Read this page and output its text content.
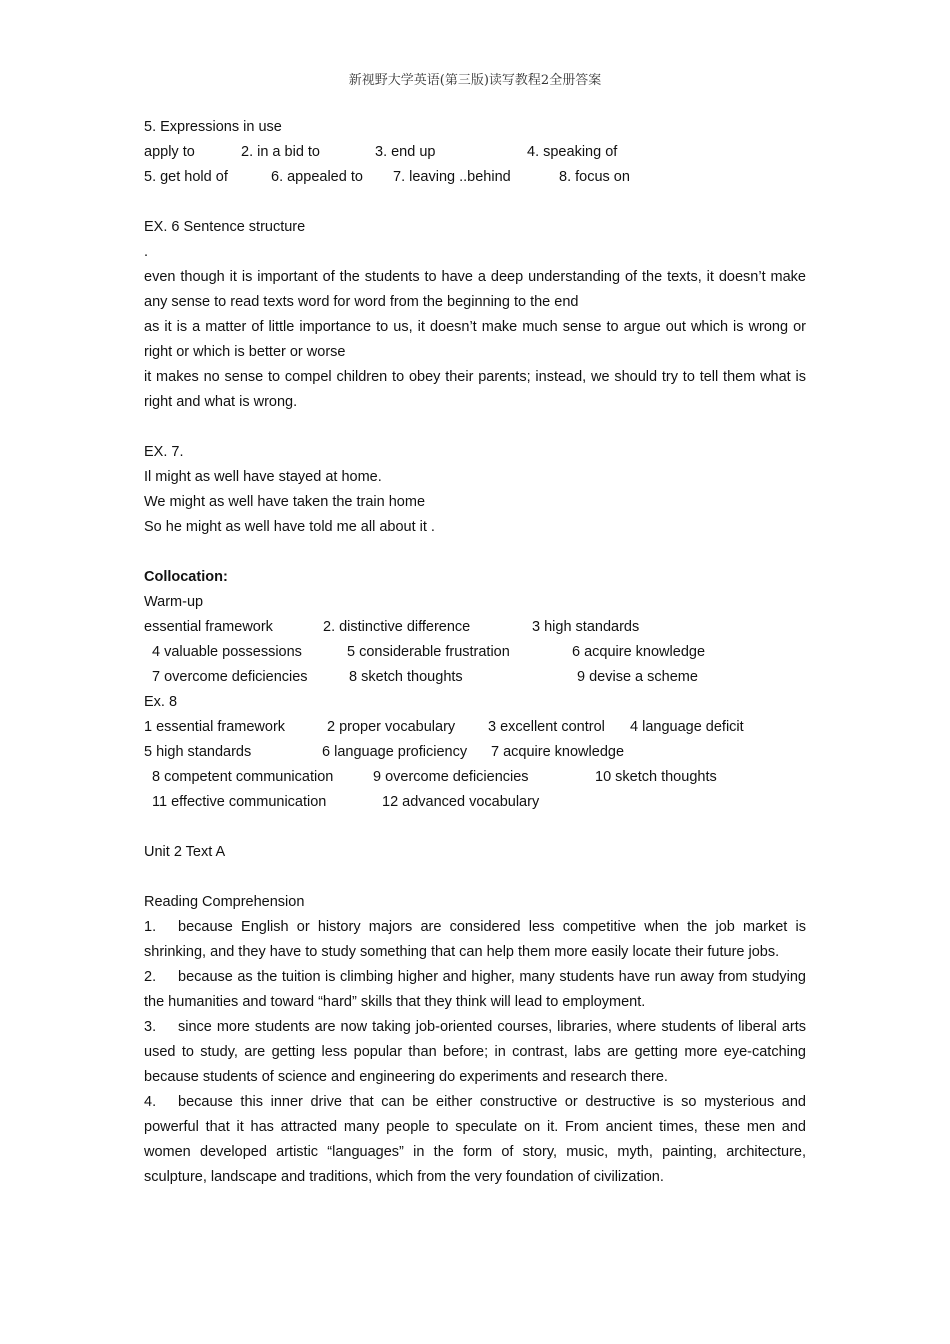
新视野大学英语(第三版)读写教程2全册答案
5. Expressions in use
apply to	2. in a bid to	3. end up	4. speaking of
5. get hold of	6. appealed to 7. leaving ..behind	8. focus on
EX. 6 Sentence structure
.
even though it is important of the students to have a deep understanding of the texts, it doesn’t make any sense to read texts word for word from the beginning to the end
as it is a matter of little importance to us, it doesn’t make much sense to argue out which is wrong or right or which is better or worse
it makes no sense to compel children to obey their parents; instead, we should try to tell them what is right and what is wrong.
EX. 7.
Il might as well have stayed at home.
We might as well have taken the train home
So he might as well have told me all about it .
Collocation:
Warm-up
essential framework	2. distinctive difference	3 high standards
4 valuable possessions	5 considerable frustration	6 acquire knowledge
7 overcome deficiencies	8 sketch thoughts	9 devise a scheme
Ex. 8
1 essential framework	2 proper vocabulary 3 excellent control 4 language deficit
5 high standards	6 language proficiency 7 acquire knowledge
8 competent communication	9 overcome deficiencies	10 sketch thoughts
11 effective communication	12 advanced vocabulary
Unit 2 Text A
Reading Comprehension
1. because English or history majors are considered less competitive when the job market is shrinking, and they have to study something that can help them more easily locate their future jobs.
2. because as the tuition is climbing higher and higher, many students have run away from studying the humanities and toward “hard” skills that they think will lead to employment.
3. since more students are now taking job-oriented courses, libraries, where students of liberal arts used to study, are getting less popular than before; in contrast, labs are getting more eye-catching because students of science and engineering do experiments and research there.
4. because this inner drive that can be either constructive or destructive is so mysterious and powerful that it has attracted many people to speculate on it. From ancient times, these men and women developed artistic “languages” in the form of story, music, myth, painting, architecture, sculpture, landscape and traditions, which from the very foundation of civilization.
